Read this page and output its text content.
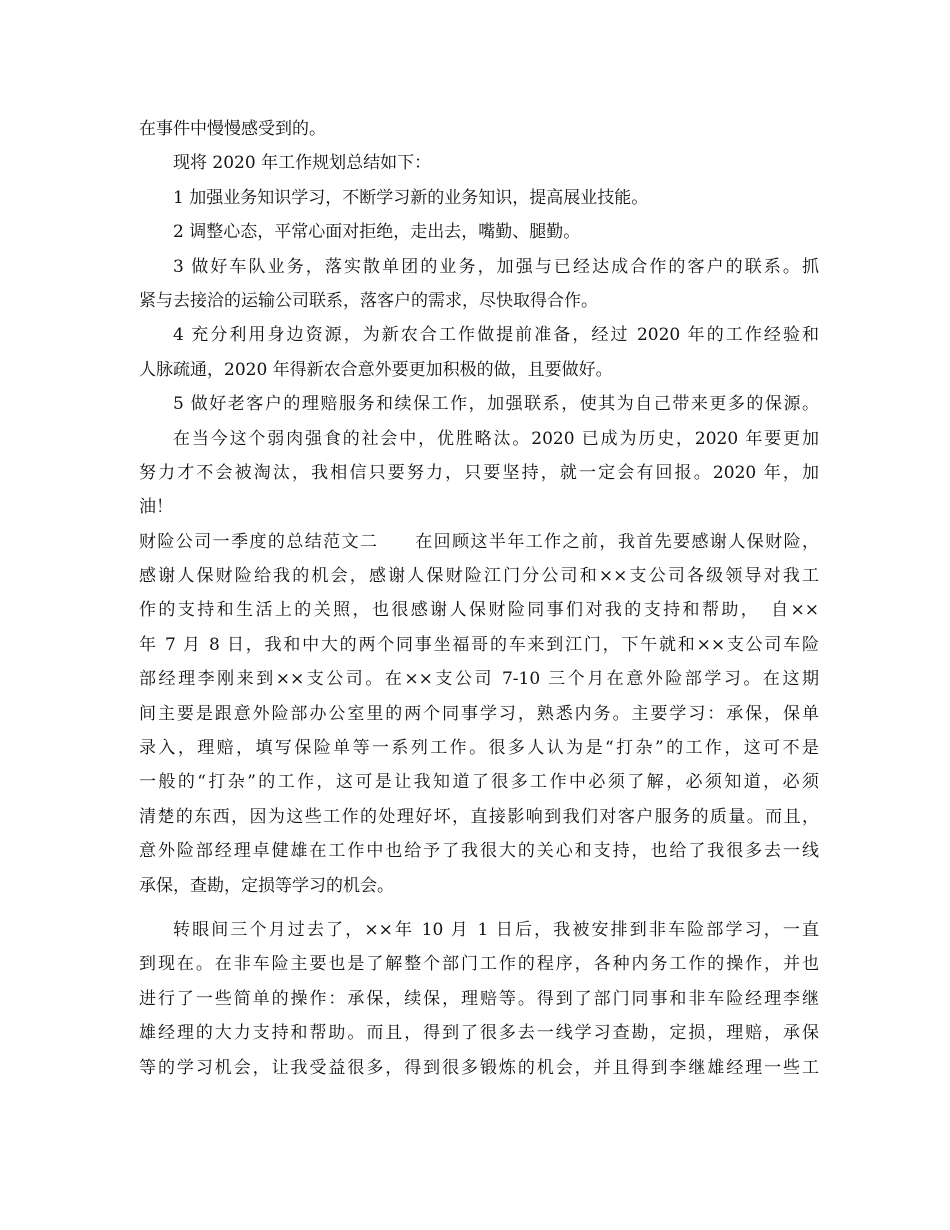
在事件中慢慢感受到的。
现将 2020 年工作规划总结如下：
1 加强业务知识学习，不断学习新的业务知识，提高展业技能。
2 调整心态，平常心面对拒绝，走出去，嘴勤、腿勤。
3 做好车队业务，落实散单团的业务，加强与已经达成合作的客户的联系。抓
紧与去接洽的运输公司联系，落客户的需求，尽快取得合作。
4 充分利用身边资源，为新农合工作做提前准备，经过 2020 年的工作经验和
人脉疏通，2020 年得新农合意外要更加积极的做，且要做好。
5 做好老客户的理赔服务和续保工作，加强联系，使其为自己带来更多的保源。
在当今这个弱肉强食的社会中，优胜略汰。2020 已成为历史，2020 年要更加
努力才不会被淘汰，我相信只要努力，只要坚持，就一定会有回报。2020 年，加
油！
财险公司一季度的总结范文二　　在回顾这半年工作之前，我首先要感谢人保财险，
感谢人保财险给我的机会，感谢人保财险江门分公司和××支公司各级领导对我工
作的支持和生活上的关照，也很感谢人保财险同事们对我的支持和帮助，　自××
年 7 月 8 日，我和中大的两个同事坐福哥的车来到江门，下午就和××支公司车险
部经理李刚来到××支公司。在××支公司 7-10 三个月在意外险部学习。在这期
间主要是跟意外险部办公室里的两个同事学习，熟悉内务。主要学习：承保，保单
录入，理赔，填写保险单等一系列工作。很多人认为是“打杂”的工作，这可不是
一般的“打杂”的工作，这可是让我知道了很多工作中必须了解，必须知道，必须
清楚的东西，因为这些工作的处理好坏，直接影响到我们对客户服务的质量。而且，
意外险部经理卓健雄在工作中也给予了我很大的关心和支持，也给了我很多去一线
承保，查勘，定损等学习的机会。
转眼间三个月过去了，××年 10 月 1 日后，我被安排到非车险部学习，一直
到现在。在非车险主要也是了解整个部门工作的程序，各种内务工作的操作，并也
进行了一些简单的操作：承保，续保，理赔等。得到了部门同事和非车险经理李继
雄经理的大力支持和帮助。而且，得到了很多去一线学习查勘，定损，理赔，承保
等的学习机会，让我受益很多，得到很多锻炼的机会，并且得到李继雄经理一些工
